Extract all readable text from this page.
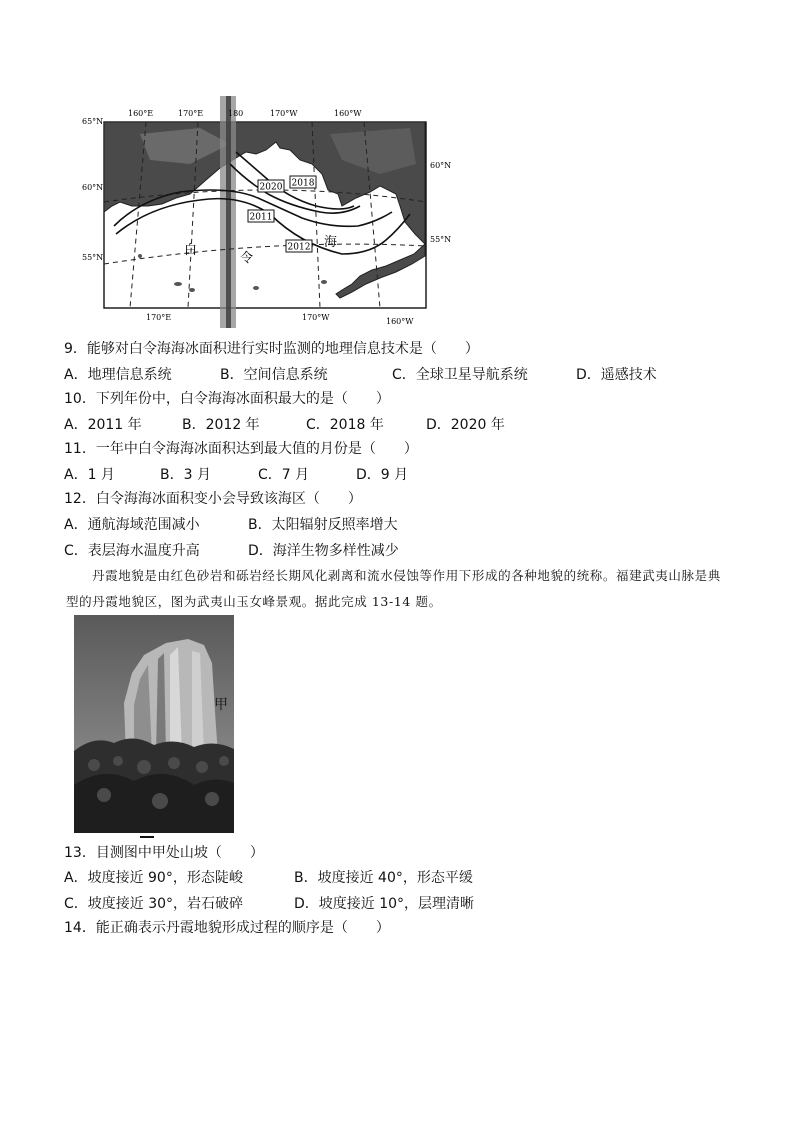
2020 2018
2011
2012
白
令
海
160°E	170°E	180	170°W	160°W
170°E	170°W	160°W
65°N
60°N
55°N
60°N
55°N
9．能够对白令海海冰面积进行实时监测的地理信息技术是（　　）
A．地理信息系统	B．空间信息系统	C．全球卫星导航系统	D．遥感技术
10．下列年份中，白令海海冰面积最大的是（　　）
A．2011 年	B．2012 年	C．2018 年	D．2020 年
11．一年中白令海海冰面积达到最大值的月份是（　　）
A．1 月	B．3 月	C．7 月	D．9 月
12．白令海海冰面积变小会导致该海区（　　）
A．通航海域范围减小	B．太阳辐射反照率增大
C．表层海水温度升高	D．海洋生物多样性减少
丹霞地貌是由红色砂岩和砾岩经长期风化剥离和流水侵蚀等作用下形成的各种地貌的统称。福建武夷山脉是典型的丹霞地貌区，图为武夷山玉女峰景观。据此完成 13-14 题。
甲
13．目测图中甲处山坡（　　）
A．坡度接近 90°，形态陡峻	B．坡度接近 40°，形态平缓
C．坡度接近 30°，岩石破碎	D．坡度接近 10°，层理清晰
14．能正确表示丹霞地貌形成过程的顺序是（　　）
